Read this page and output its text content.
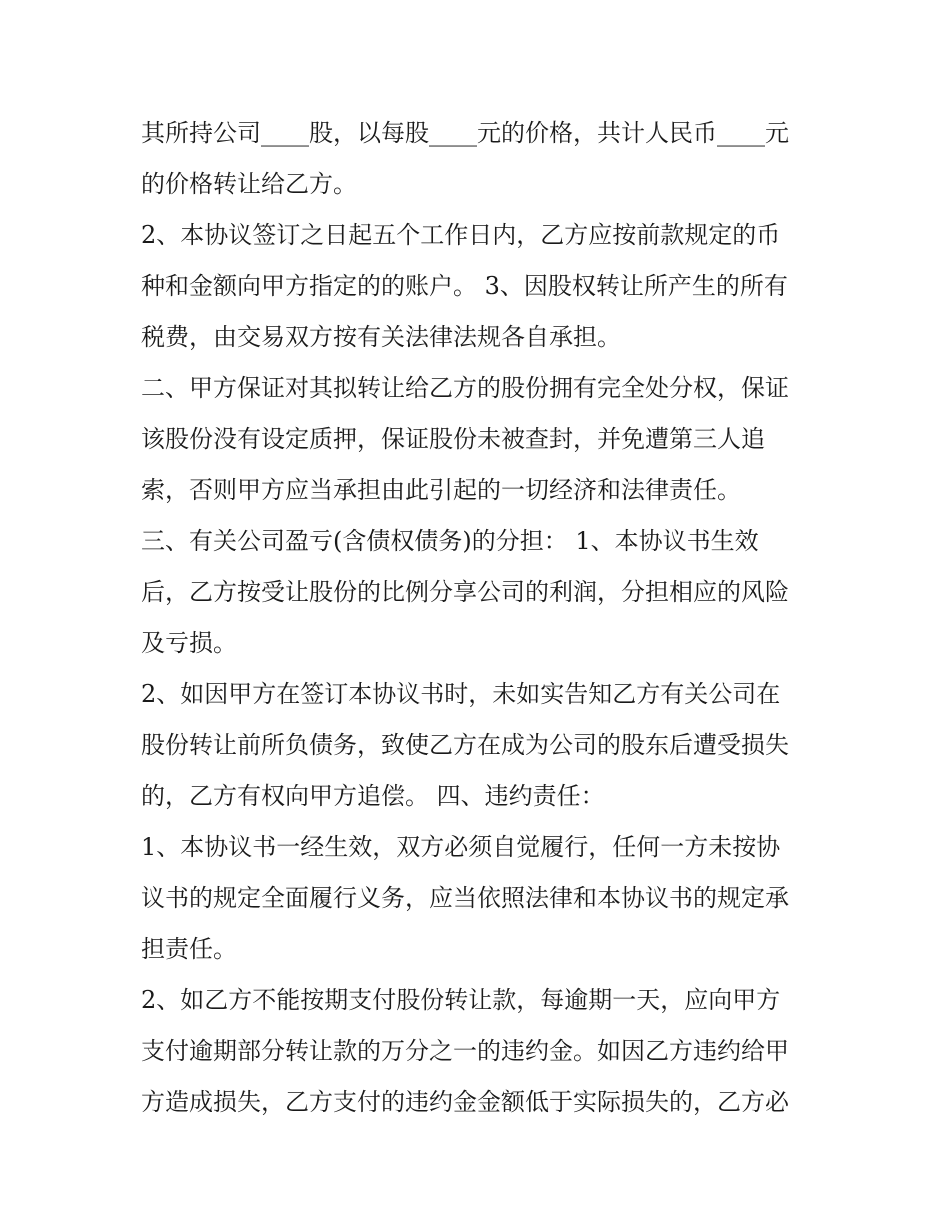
其所持公司____股，以每股____元的价格，共计人民币____元
的价格转让给乙方。
2、本协议签订之日起五个工作日内，乙方应按前款规定的币
种和金额向甲方指定的的账户。 3、因股权转让所产生的所有
税费，由交易双方按有关法律法规各自承担。
二、甲方保证对其拟转让给乙方的股份拥有完全处分权，保证
该股份没有设定质押，保证股份未被查封，并免遭第三人追
索，否则甲方应当承担由此引起的一切经济和法律责任。
三、有关公司盈亏(含债权债务)的分担： 1、本协议书生效
后，乙方按受让股份的比例分享公司的利润，分担相应的风险
及亏损。
2、如因甲方在签订本协议书时，未如实告知乙方有关公司在
股份转让前所负债务，致使乙方在成为公司的股东后遭受损失
的，乙方有权向甲方追偿。 四、违约责任：
1、本协议书一经生效，双方必须自觉履行，任何一方未按协
议书的规定全面履行义务，应当依照法律和本协议书的规定承
担责任。
2、如乙方不能按期支付股份转让款，每逾期一天，应向甲方
支付逾期部分转让款的万分之一的违约金。如因乙方违约给甲
方造成损失，乙方支付的违约金金额低于实际损失的，乙方必
